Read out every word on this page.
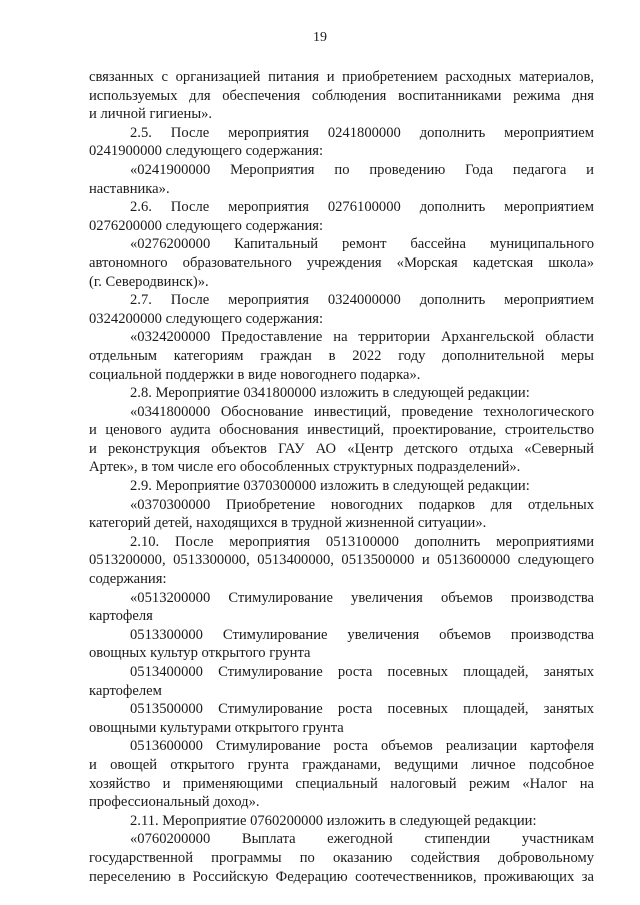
19
связанных с организацией питания и приобретением расходных материалов,
используемых для обеспечения соблюдения воспитанниками режима дня
и личной гигиены».
2.5. После мероприятия 0241800000 дополнить мероприятием
0241900000 следующего содержания:
«0241900000 Мероприятия по проведению Года педагога и
наставника».
2.6. После мероприятия 0276100000 дополнить мероприятием
0276200000 следующего содержания:
«0276200000 Капитальный ремонт бассейна муниципального
автономного образовательного учреждения «Морская кадетская школа»
(г. Северодвинск)».
2.7. После мероприятия 0324000000 дополнить мероприятием
0324200000 следующего содержания:
«0324200000 Предоставление на территории Архангельской области
отдельным категориям граждан в 2022 году дополнительной меры
социальной поддержки в виде новогоднего подарка».
2.8. Мероприятие 0341800000 изложить в следующей редакции:
«0341800000 Обоснование инвестиций, проведение технологического
и ценового аудита обоснования инвестиций, проектирование, строительство
и реконструкция объектов ГАУ АО «Центр детского отдыха «Северный
Артек», в том числе его обособленных структурных подразделений».
2.9. Мероприятие 0370300000 изложить в следующей редакции:
«0370300000 Приобретение новогодних подарков для отдельных
категорий детей, находящихся в трудной жизненной ситуации».
2.10. После мероприятия 0513100000 дополнить мероприятиями
0513200000, 0513300000, 0513400000, 0513500000 и 0513600000 следующего
содержания:
«0513200000 Стимулирование увеличения объемов производства
картофеля
0513300000 Стимулирование увеличения объемов производства
овощных культур открытого грунта
0513400000 Стимулирование роста посевных площадей, занятых
картофелем
0513500000 Стимулирование роста посевных площадей, занятых
овощными культурами открытого грунта
0513600000 Стимулирование роста объемов реализации картофеля
и овощей открытого грунта гражданами, ведущими личное подсобное
хозяйство и применяющими специальный налоговый режим «Налог на
профессиональный доход».
2.11. Мероприятие 0760200000 изложить в следующей редакции:
«0760200000 Выплата ежегодной стипендии участникам
государственной программы по оказанию содействия добровольному
переселению в Российскую Федерацию соотечественников, проживающих за
